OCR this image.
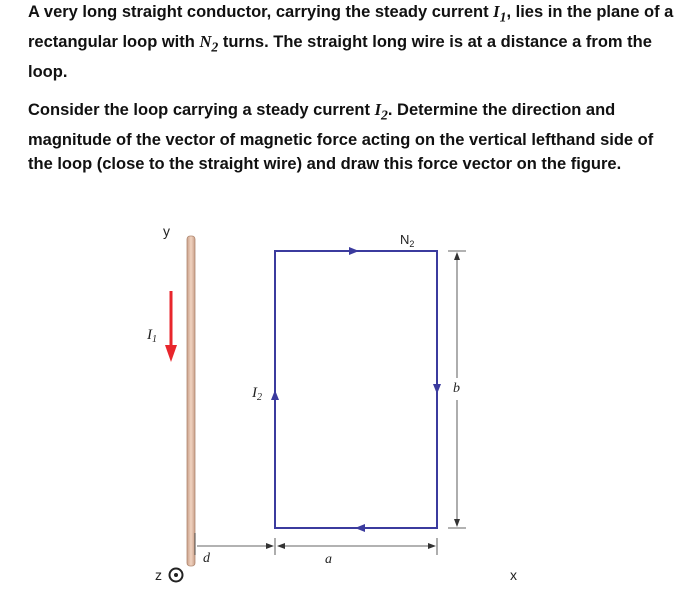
A very long straight conductor, carrying the steady current $I_1$, lies in the plane of a rectangular loop with $N_2$ turns. The straight long wire is at a distance a from the loop.

Consider the loop carrying a steady current $I_2$. Determine the direction and magnitude of the vector of magnetic force acting on the vertical lefthand side of the loop (close to the straight wire) and draw this force vector on the figure.

y
$I_1$
$N_2$
$I_2$
b
d	a
z	x
